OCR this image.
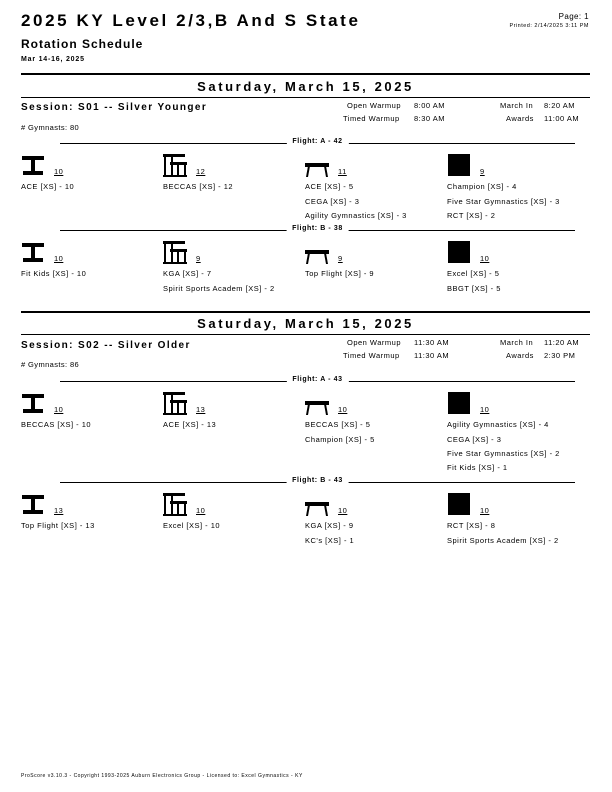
2025 KY Level 2/3,B And S State
Rotation Schedule
Mar 14-16, 2025
Page: 1
Printed: 2/14/2025 3:11 PM
Saturday, March 15, 2025
Session: S01 -- Silver Younger	Open Warmup 8:00 AM
Timed Warmup 8:30 AM
March In 8:20 AM
Awards 11:00 AM
# Gymnasts: 80
Flight: A - 42
10
ACE [XS] - 10
12
BECCAS [XS] - 12
11
ACE [XS] - 5
CEGA [XS] - 3
Agility Gymnastics [XS] - 3
9
Champion [XS] - 4
Five Star Gymnastics [XS] - 3
RCT [XS] - 2
Flight: B - 38
10
Fit Kids [XS] - 10
9
KGA [XS] - 7
Spirit Sports Academ [XS] - 2
9
Top Flight [XS] - 9
10
Excel [XS] - 5
BBGT [XS] - 5
Saturday, March 15, 2025
Session: S02 -- Silver Older	Open Warmup 11:30 AM
Timed Warmup 11:30 AM
March In 11:20 AM
Awards 2:30 PM
# Gymnasts: 86
Flight: A - 43
10
BECCAS [XS] - 10
13
ACE [XS] - 13
10
BECCAS [XS] - 5
Champion [XS] - 5
10
Agility Gymnastics [XS] - 4
CEGA [XS] - 3
Five Star Gymnastics [XS] - 2
Fit Kids [XS] - 1
Flight: B - 43
13
Top Flight [XS] - 13
10
Excel [XS] - 10
10
KGA [XS] - 9
KC's [XS] - 1
10
RCT [XS] - 8
Spirit Sports Academ [XS] - 2
ProScore v3.10.3 - Copyright 1993-2025 Auburn Electronics Group - Licensed to: Excel Gymnastics - KY
